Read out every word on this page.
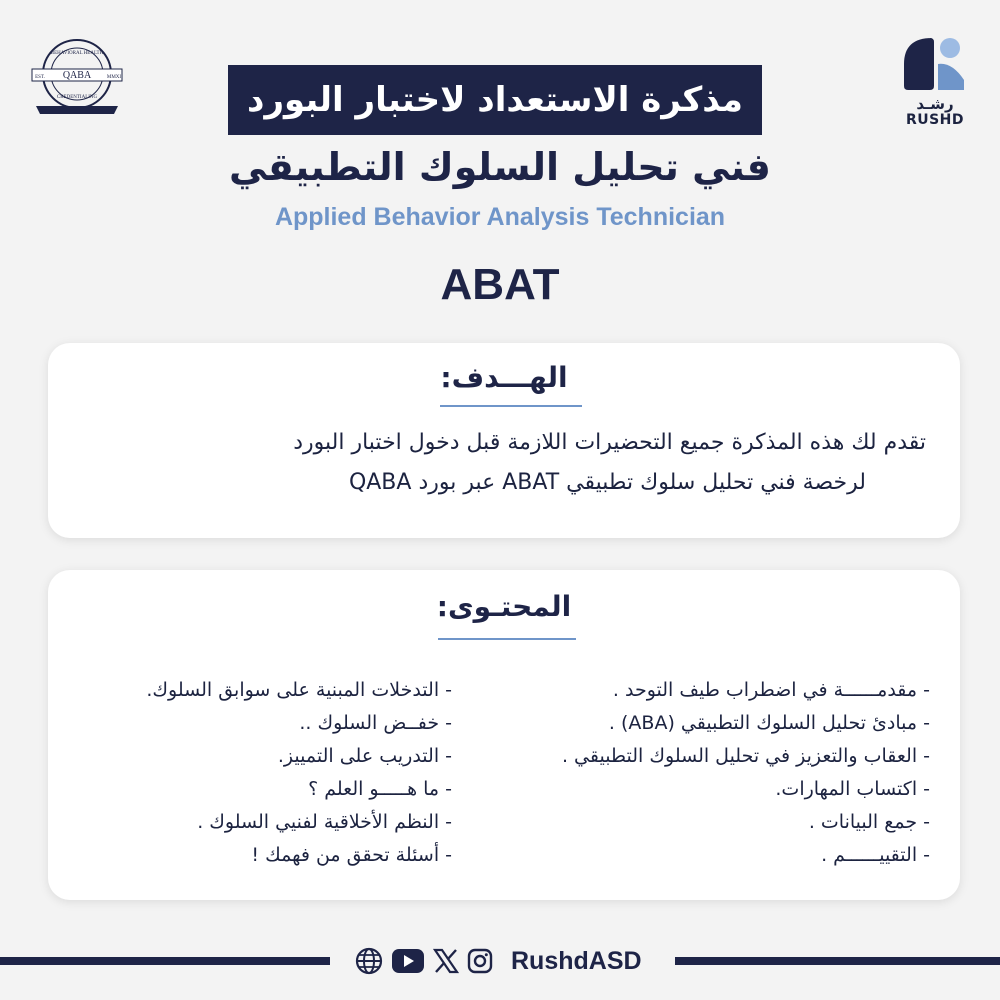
QABA
EST.	MMXI
BEHAVIORAL HEALTH
CREDENTIALING	رشـد
RUSHD
مذكرة الاستعداد لاختبار البورد
فني تحليل السلوك التطبيقي
Applied Behavior Analysis Technician
ABAT
الهـــدف:
تقدم لك هذه المذكرة جميع التحضيرات اللازمة قبل دخول اختبار البورد
لرخصة فني تحليل سلوك تطبيقي ABAT عبر بورد QABA
المحتـوى:
- مقدمــــــة في اضطراب طيف التوحد .
- مبادئ تحليل السلوك التطبيقي (ABA) .
- العقاب والتعزيز في تحليل السلوك التطبيقي .
- اكتساب المهارات.
- جمع البيانات .
- التقييــــــم .
- التدخلات المبنية على سوابق السلوك.
- خفــض السلوك ..
- التدريب على التمييز.
- ما هـــــو العلم ؟
- النظم الأخلاقية لفنيي السلوك .
- أسئلة تحقق من فهمك !
RushdASD
